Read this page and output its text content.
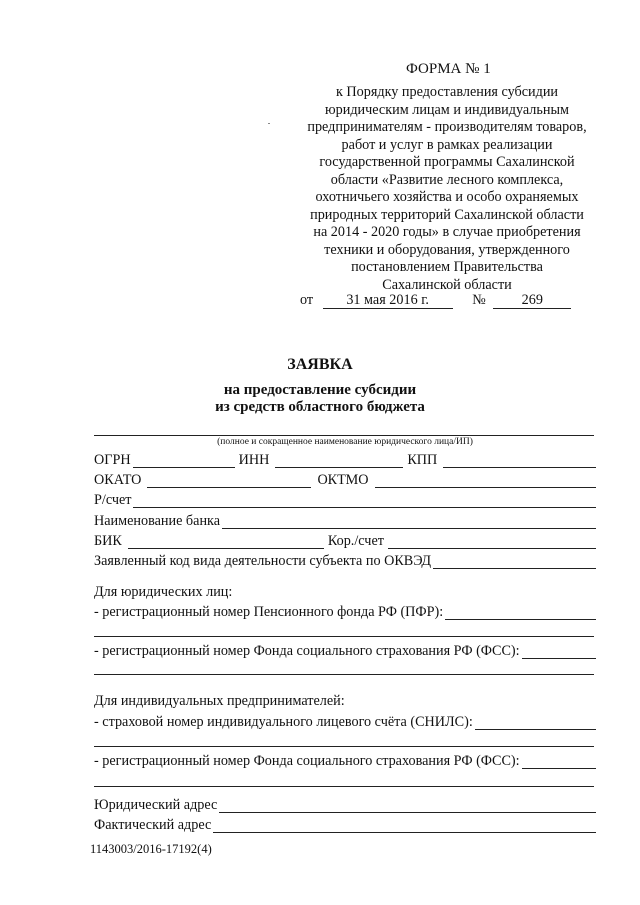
ФОРМА № 1
к Порядку предоставления субсидии
юридическим лицам и индивидуальным
предпринимателям - производителям товаров,
работ и услуг в рамках реализации
государственной программы Сахалинской
области «Развитие лесного комплекса,
охотничьего хозяйства и особо охраняемых
природных территорий Сахалинской области
на 2014 - 2020 годы» в случае приобретения
техники и оборудования, утвержденного
постановлением Правительства
Сахалинской области
от 31 мая 2016 г.	№	269
ЗАЯВКА
на предоставление субсидии
из средств областного бюджета
(полное и сокращенное наименование юридического лица/ИП)
ОГРН	ИНН	КПП
ОКАТО	ОКТМО
Р/счет
Наименование банка
БИК	Кор./счет
Заявленный код вида деятельности субъекта по ОКВЭД
Для юридических лиц:
- регистрационный номер Пенсионного фонда РФ (ПФР):
- регистрационный номер Фонда социального страхования РФ (ФСС):
Для индивидуальных предпринимателей:
- страховой номер индивидуального лицевого счёта (СНИЛС):
- регистрационный номер Фонда социального страхования РФ (ФСС):
Юридический адрес
Фактический адрес
1143003/2016-17192(4)
